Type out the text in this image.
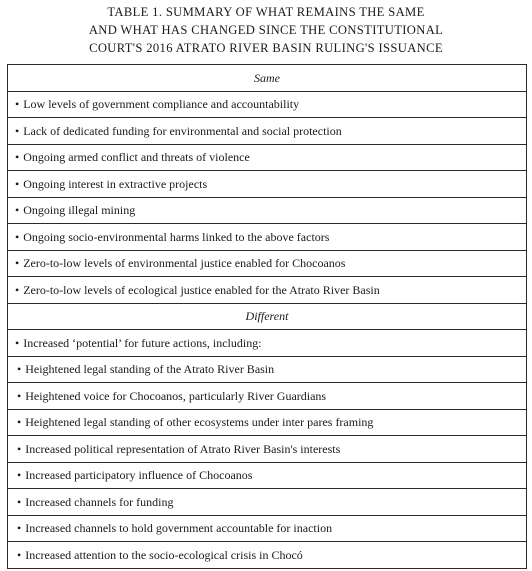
TABLE 1. SUMMARY OF WHAT REMAINS THE SAME
AND WHAT HAS CHANGED SINCE THE CONSTITUTIONAL
COURT'S 2016 ATRATO RIVER BASIN RULING'S ISSUANCE
Same
• Low levels of government compliance and accountability
• Lack of dedicated funding for environmental and social protection
• Ongoing armed conflict and threats of violence
• Ongoing interest in extractive projects
• Ongoing illegal mining
• Ongoing socio-environmental harms linked to the above factors
• Zero-to-low levels of environmental justice enabled for Chocoanos
• Zero-to-low levels of ecological justice enabled for the Atrato River Basin
Different
• Increased ‘potential’ for future actions, including:
• Heightened legal standing of the Atrato River Basin
• Heightened voice for Chocoanos, particularly River Guardians
• Heightened legal standing of other ecosystems under inter pares framing
• Increased political representation of Atrato River Basin's interests
• Increased participatory influence of Chocoanos
• Increased channels for funding
• Increased channels to hold government accountable for inaction
• Increased attention to the socio-ecological crisis in Chocó
